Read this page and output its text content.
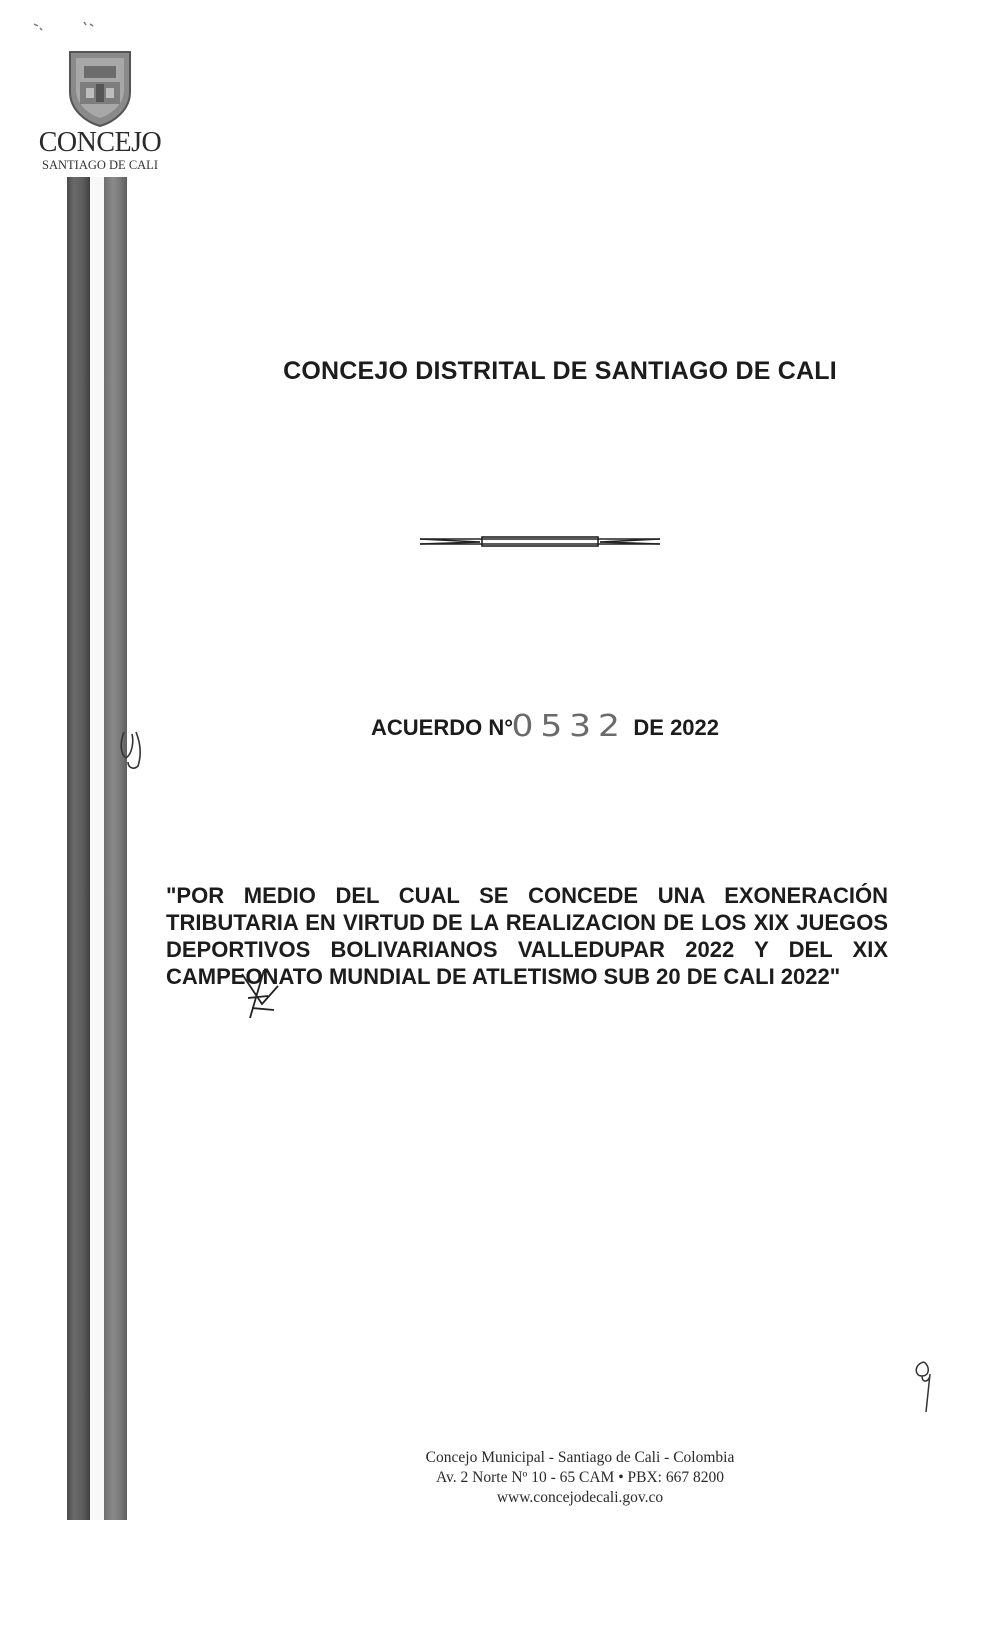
CONCEJO
SANTIAGO DE CALI
CONCEJO DISTRITAL DE SANTIAGO DE CALI
ACUERDO N°0532 DE 2022
"POR MEDIO DEL CUAL SE CONCEDE UNA EXONERACIÓN TRIBUTARIA EN VIRTUD DE LA REALIZACION DE LOS XIX JUEGOS DEPORTIVOS BOLIVARIANOS VALLEDUPAR 2022 Y DEL XIX CAMPEONATO MUNDIAL DE ATLETISMO SUB 20 DE CALI 2022"
Concejo Municipal - Santiago de Cali - Colombia
Av. 2 Norte Nº 10 - 65 CAM • PBX: 667 8200
www.concejodecali.gov.co
